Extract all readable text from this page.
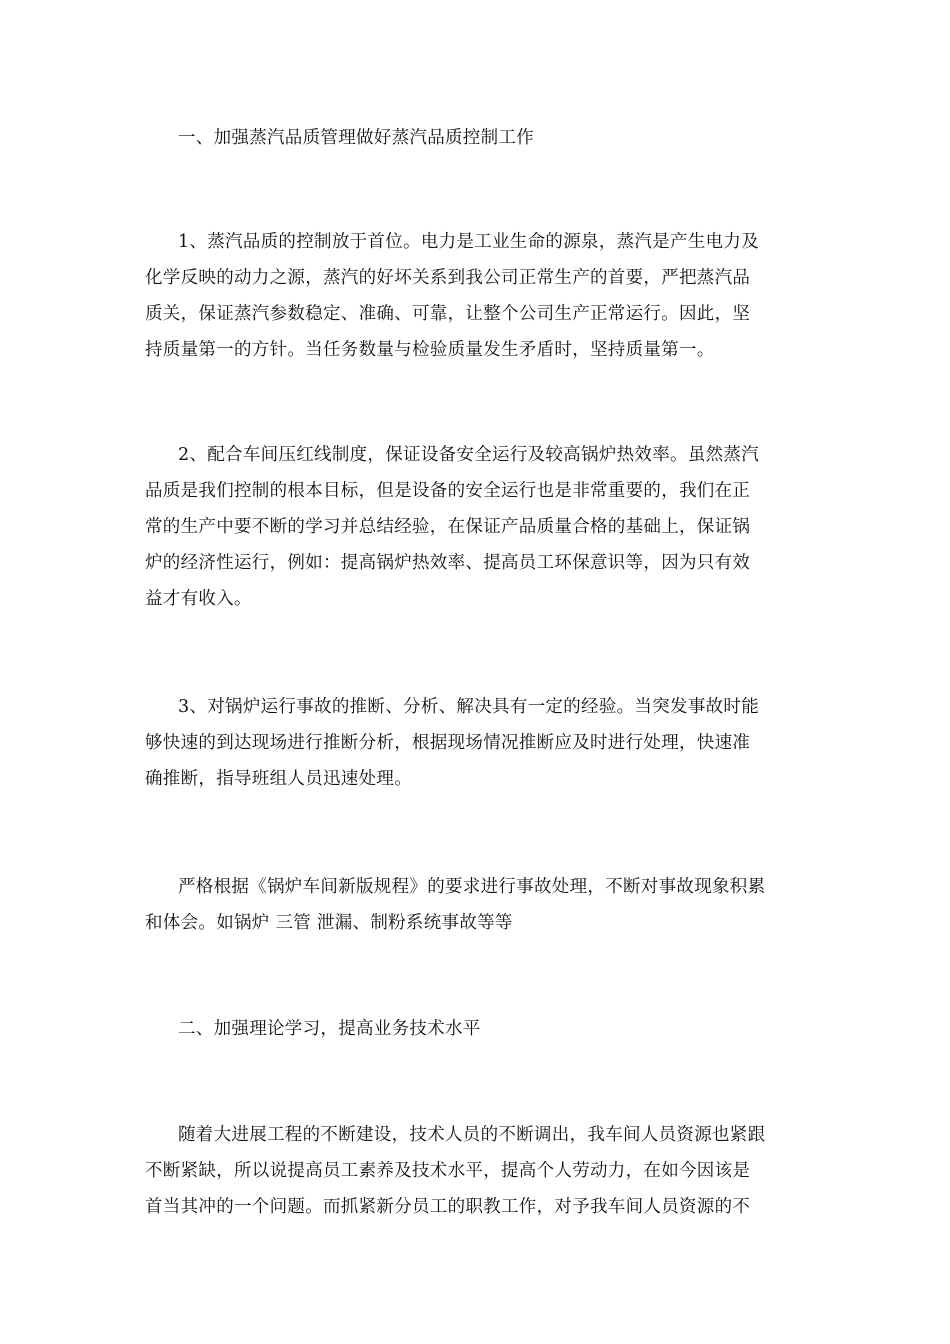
一、加强蒸汽品质管理做好蒸汽品质控制工作

1、蒸汽品质的控制放于首位。电力是工业生命的源泉，蒸汽是产生电力及
化学反映的动力之源，蒸汽的好坏关系到我公司正常生产的首要，严把蒸汽品
质关，保证蒸汽参数稳定、准确、可靠，让整个公司生产正常运行。因此，坚
持质量第一的方针。当任务数量与检验质量发生矛盾时，坚持质量第一。

2、配合车间压红线制度，保证设备安全运行及较高锅炉热效率。虽然蒸汽
品质是我们控制的根本目标，但是设备的安全运行也是非常重要的，我们在正
常的生产中要不断的学习并总结经验，在保证产品质量合格的基础上，保证锅
炉的经济性运行，例如：提高锅炉热效率、提高员工环保意识等，因为只有效
益才有收入。

3、对锅炉运行事故的推断、分析、解决具有一定的经验。当突发事故时能
够快速的到达现场进行推断分析，根据现场情况推断应及时进行处理，快速准
确推断，指导班组人员迅速处理。

严格根据《锅炉车间新版规程》的要求进行事故处理，不断对事故现象积累
和体会。如锅炉 三管 泄漏、制粉系统事故等等

二、加强理论学习，提高业务技术水平

随着大进展工程的不断建设，技术人员的不断调出，我车间人员资源也紧跟
不断紧缺，所以说提高员工素养及技术水平，提高个人劳动力，在如今因该是
首当其冲的一个问题。而抓紧新分员工的职教工作，对予我车间人员资源的不
